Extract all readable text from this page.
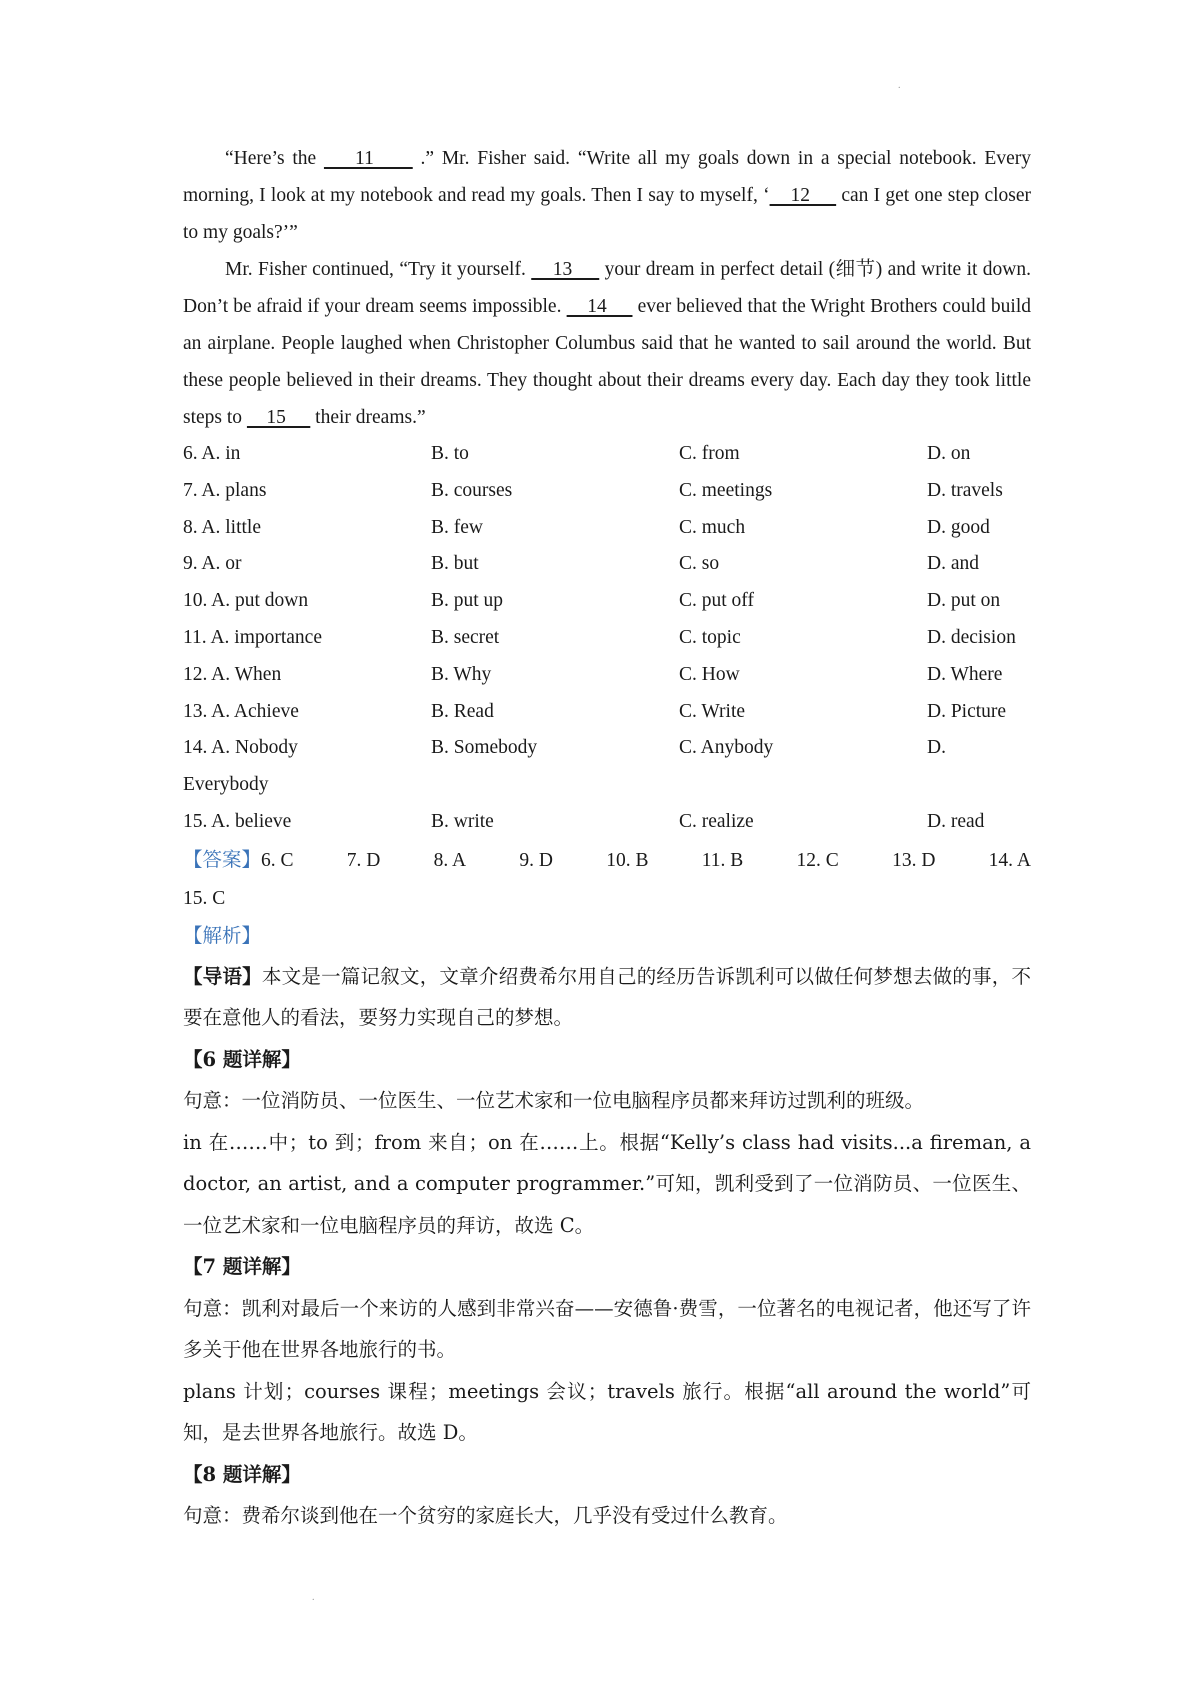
.

“Here’s the     11      .” Mr. Fisher said. “Write all my goals down in a special notebook. Every morning, I look at my notebook and read my goals. Then I say to myself, ‘    12      can I get one step closer to my goals?’”

Mr. Fisher continued, “Try it yourself.     13      your dream in perfect detail (细节) and write it down. Don’t be afraid if your dream seems impossible.     14      ever believed that the Wright Brothers could build an airplane. People laughed when Christopher Columbus said that he wanted to sail around the world. But these people believed in their dreams. They thought about their dreams every day. Each day they took little steps to     15      their dreams.”

6. A. in	B. to	C. from	D. on
7. A. plans	B. courses	C. meetings	D. travels
8. A. little	B. few	C. much	D. good
9. A. or	B. but	C. so	D. and
10. A. put down	B. put up	C. put off	D. put on
11. A. importance	B. secret	C. topic	D. decision
12. A. When	B. Why	C. How	D. Where
13. A. Achieve	B. Read	C. Write	D. Picture
14. A. Nobody	B. Somebody	C. Anybody	D.
Everybody
15. A. believe	B. write	C. realize	D. read
【答案】6. C	7. D	8. A	9. D	10. B	11. B	12. C	13. D	14. A
15. C
【解析】

【导语】本文是一篇记叙文，文章介绍费希尔用自己的经历告诉凯利可以做任何梦想去做的事，不要在意他人的看法，要努力实现自己的梦想。

【6 题详解】

句意：一位消防员、一位医生、一位艺术家和一位电脑程序员都来拜访过凯利的班级。

in 在……中；to 到；from 来自；on 在……上。根据“Kelly’s class had visits...a fireman, a doctor, an artist, and a computer programmer.”可知，凯利受到了一位消防员、一位医生、一位艺术家和一位电脑程序员的拜访，故选 C。

【7 题详解】

句意：凯利对最后一个来访的人感到非常兴奋——安德鲁·费雪，一位著名的电视记者，他还写了许多关于他在世界各地旅行的书。

plans 计划；courses 课程；meetings 会议；travels 旅行。根据“all around the world”可知，是去世界各地旅行。故选 D。

【8 题详解】

句意：费希尔谈到他在一个贫穷的家庭长大，几乎没有受过什么教育。

.
